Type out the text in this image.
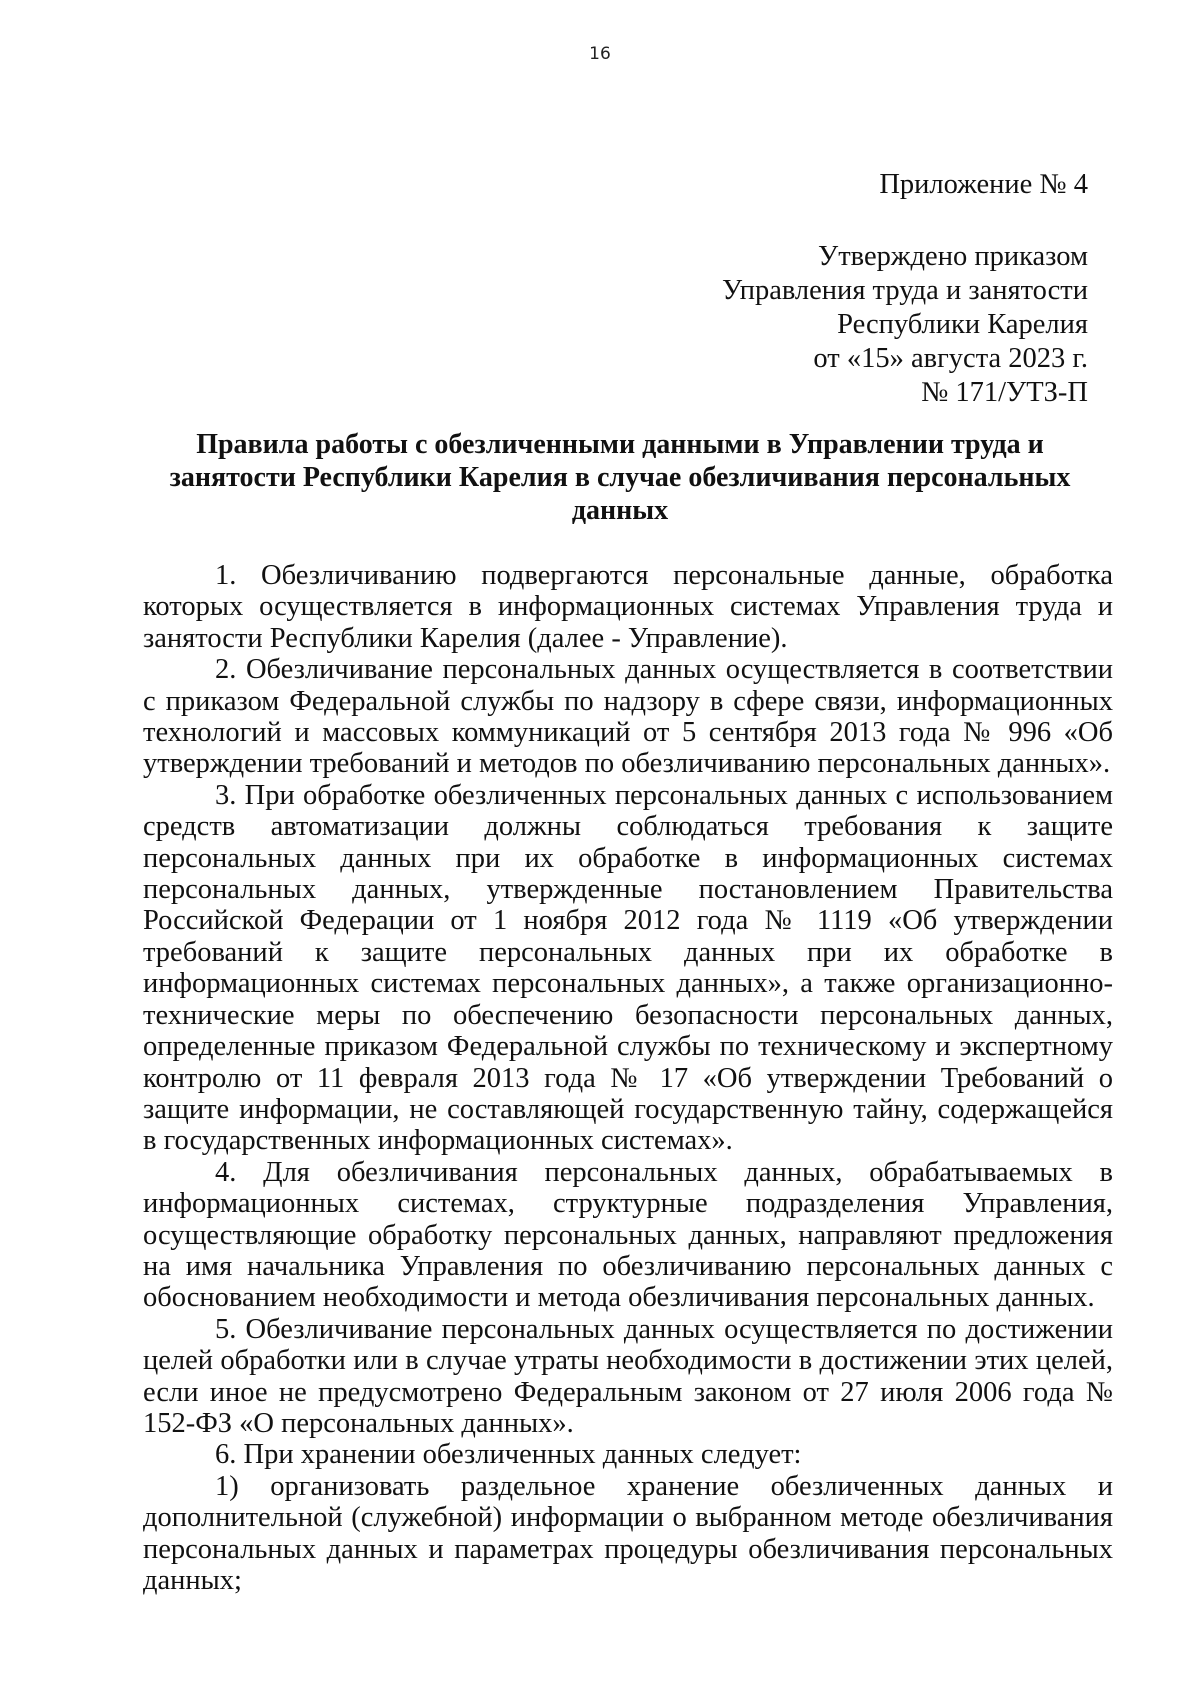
16
Приложение № 4
Утверждено приказом
Управления труда и занятости
Республики Карелия
от «15» августа 2023 г.
№ 171/УТЗ-П
Правила работы с обезличенными данными в Управлении труда и занятости Республики Карелия в случае обезличивания персональных данных

1. Обезличиванию подвергаются персональные данные, обработка которых осуществляется в информационных системах Управления труда и занятости Республики Карелия (далее - Управление).

2. Обезличивание персональных данных осуществляется в соответствии с приказом Федеральной службы по надзору в сфере связи, информационных технологий и массовых коммуникаций от 5 сентября 2013 года № 996 «Об утверждении требований и методов по обезличиванию персональных данных».

3. При обработке обезличенных персональных данных с использованием средств автоматизации должны соблюдаться требования к защите персональных данных при их обработке в информационных системах персональных данных, утвержденные постановлением Правительства Российской Федерации от 1 ноября 2012 года № 1119 «Об утверждении требований к защите персональных данных при их обработке в информационных системах персональных данных», а также организационно-технические меры по обеспечению безопасности персональных данных, определенные приказом Федеральной службы по техническому и экспертному контролю от 11 февраля 2013 года № 17 «Об утверждении Требований о защите информации, не составляющей государственную тайну, содержащейся в государственных информационных системах».

4. Для обезличивания персональных данных, обрабатываемых в информационных системах, структурные подразделения Управления, осуществляющие обработку персональных данных, направляют предложения на имя начальника Управления по обезличиванию персональных данных с обоснованием необходимости и метода обезличивания персональных данных.

5. Обезличивание персональных данных осуществляется по достижении целей обработки или в случае утраты необходимости в достижении этих целей, если иное не предусмотрено Федеральным законом от 27 июля 2006 года № 152-ФЗ «О персональных данных».

6. При хранении обезличенных данных следует:

1) организовать раздельное хранение обезличенных данных и дополнительной (служебной) информации о выбранном методе обезличивания персональных данных и параметрах процедуры обезличивания персональных данных;
